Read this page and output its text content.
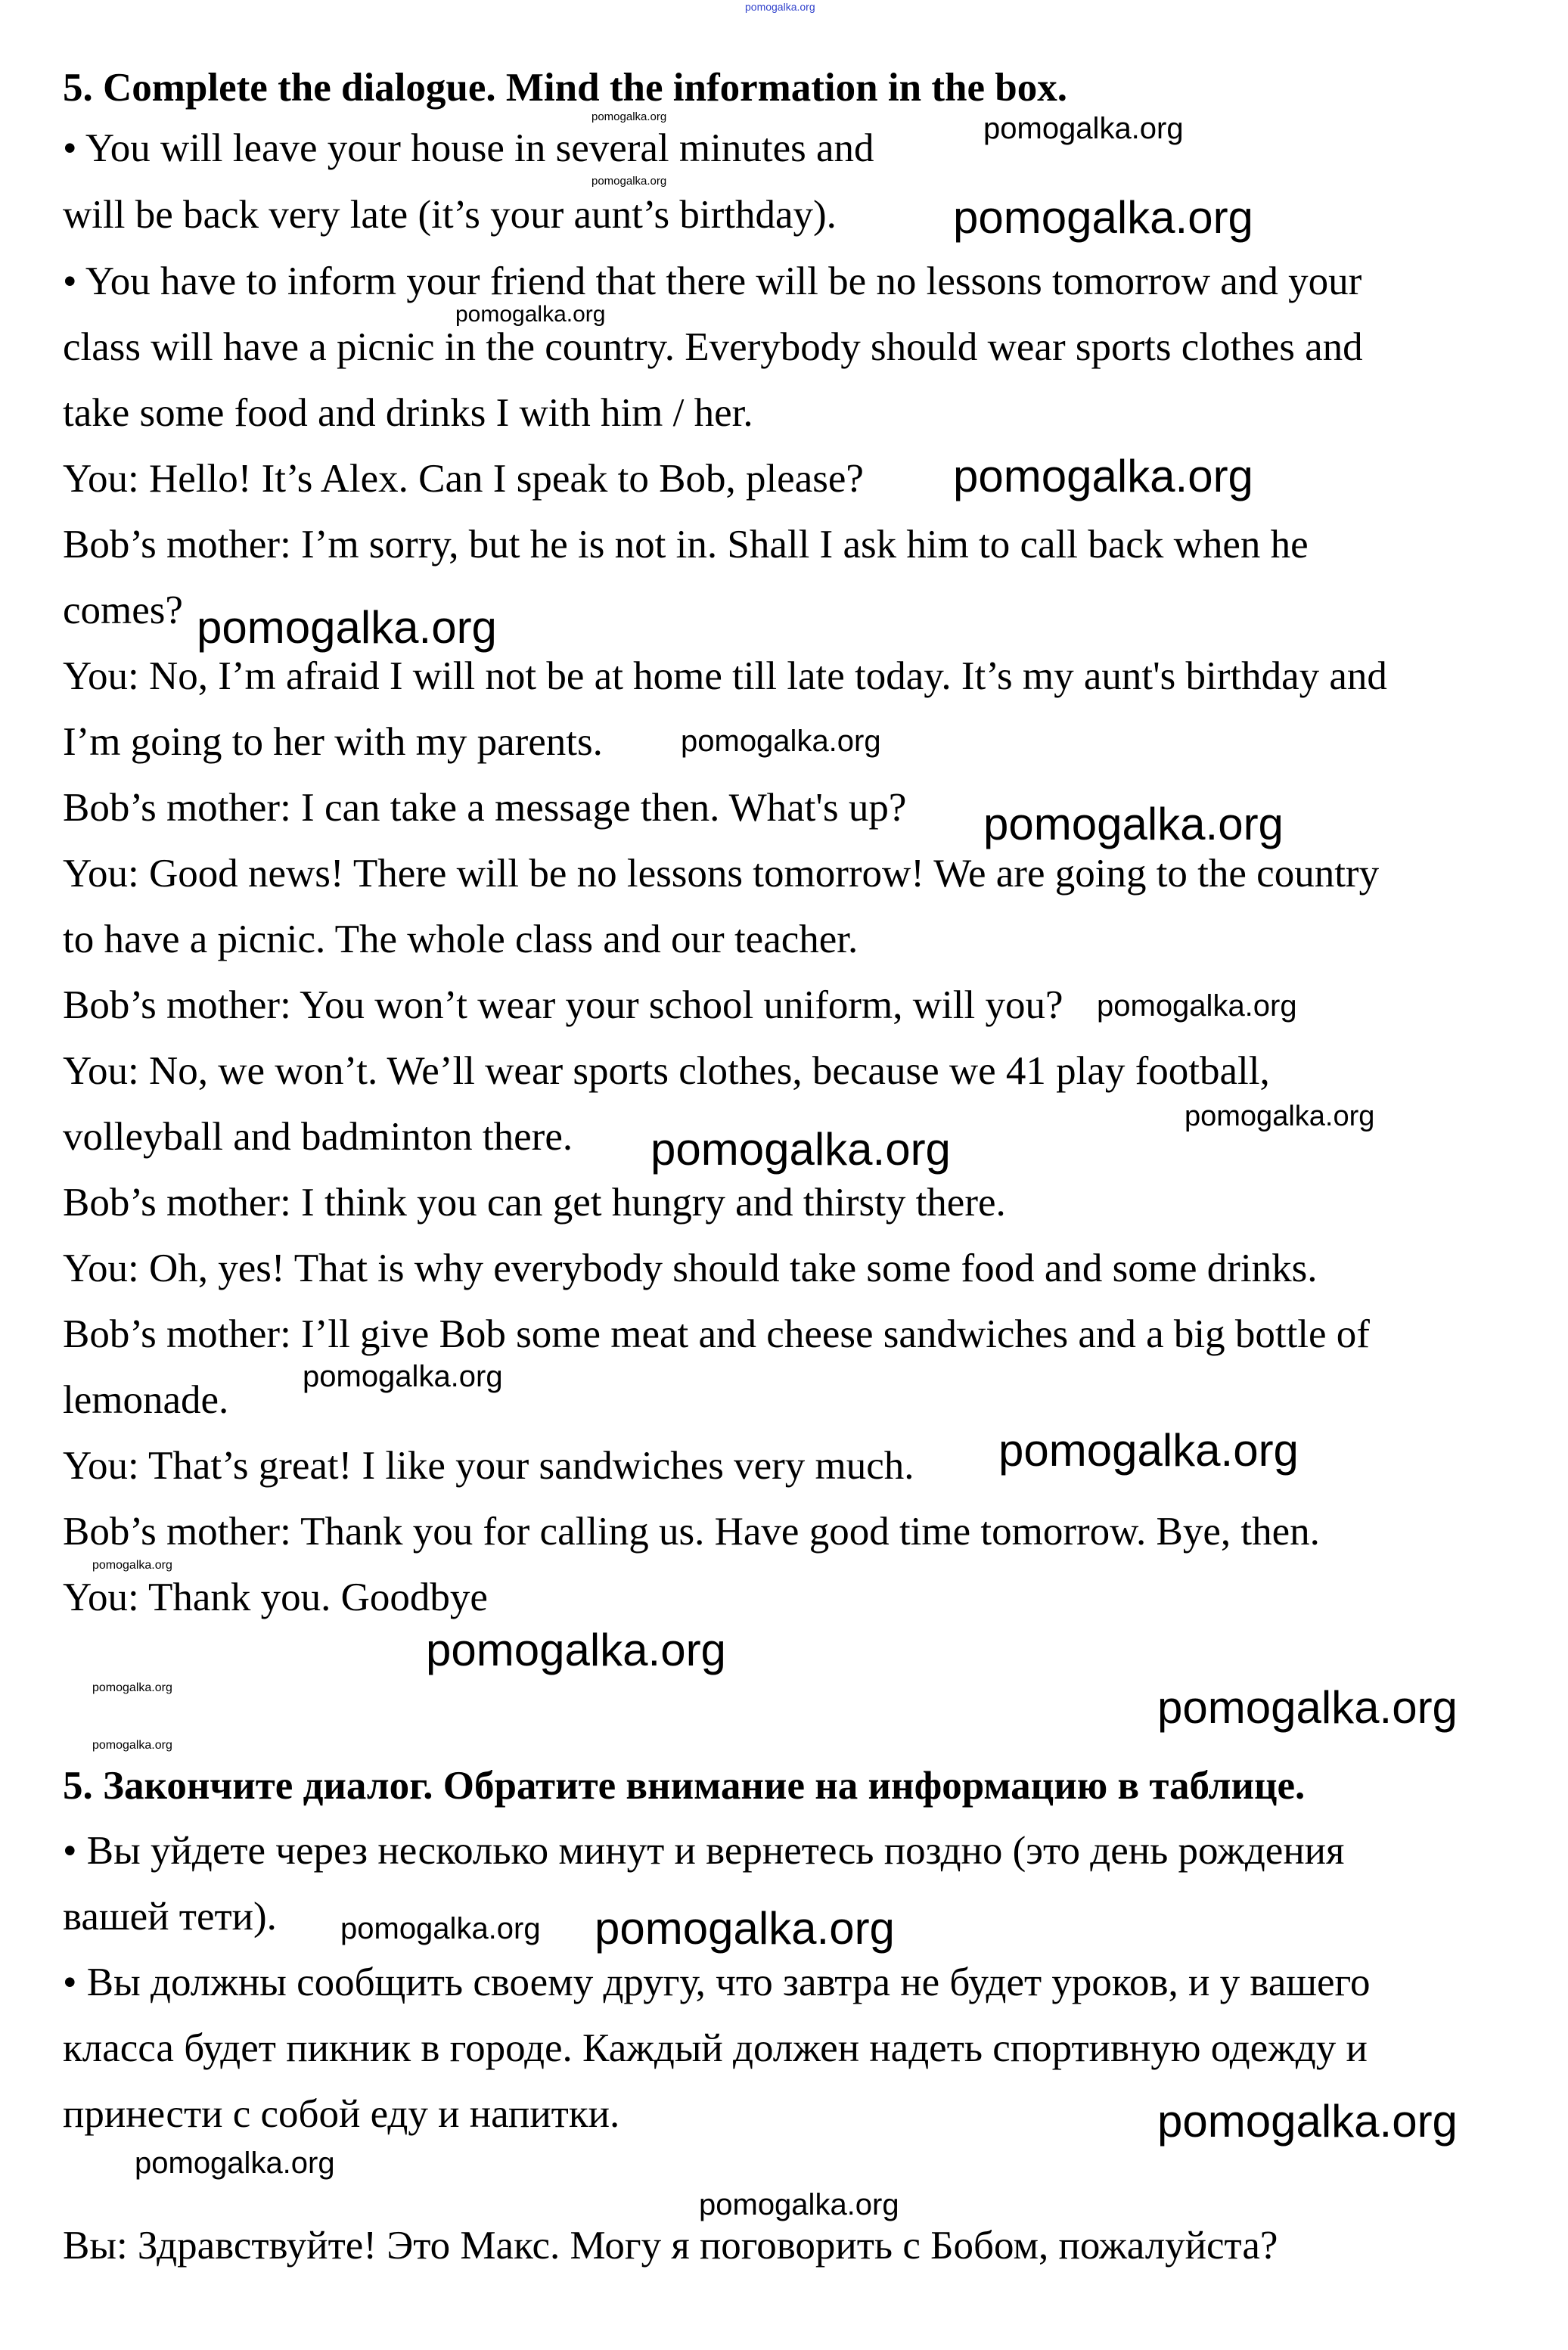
5. Complete the dialogue. Mind the information in the box.
• You will leave your house in several minutes and
will be back very late (it’s your aunt’s birthday).
• You have to inform your friend that there will be no lessons tomorrow and your
class will have a picnic in the country. Everybody should wear sports clothes and
take some food and drinks I with him / her.
You: Hello! It’s Alex. Can I speak to Bob, please?
Bob’s mother: I’m sorry, but he is not in. Shall I ask him to call back when he
comes?
You: No, I’m afraid I will not be at home till late today. It’s my aunt's birthday and
I’m going to her with my parents.
Bob’s mother: I can take a message then. What's up?
You: Good news! There will be no lessons tomorrow! We are going to the country
to have a picnic. The whole class and our teacher.
Bob’s mother: You won’t wear your school uniform, will you?
You: No, we won’t. We’ll wear sports clothes, because we 41 play football,
volleyball and badminton there.
Bob’s mother: I think you can get hungry and thirsty there.
You: Oh, yes! That is why everybody should take some food and some drinks.
Bob’s mother: I’ll give Bob some meat and cheese sandwiches and a big bottle of
lemonade.
You: That’s great! I like your sandwiches very much.
Bob’s mother: Thank you for calling us. Have good time tomorrow. Bye, then.
You: Thank you. Goodbye
5. Закончите диалог. Обратите внимание на информацию в таблице.
• Вы уйдете через несколько минут и вернетесь поздно (это день рождения
вашей тети).
• Вы должны сообщить своему другу, что завтра не будет уроков, и у вашего
класса будет пикник в городе. Каждый должен надеть спортивную одежду и
принести с собой еду и напитки.
Вы: Здравствуйте! Это Макс. Могу я поговорить с Бобом, пожалуйста?
pomogalka.org
pomogalka.org
pomogalka.org
pomogalka.org
pomogalka.org
pomogalka.org
pomogalka.org
pomogalka.org
pomogalka.org
pomogalka.org
pomogalka.org
pomogalka.org
pomogalka.org
pomogalka.org
pomogalka.org
pomogalka.org
pomogalka.org
pomogalka.org	pomogalka.org
pomogalka.org
pomogalka.org
pomogalka.org
pomogalka.org
pomogalka.org
pomogalka.org
